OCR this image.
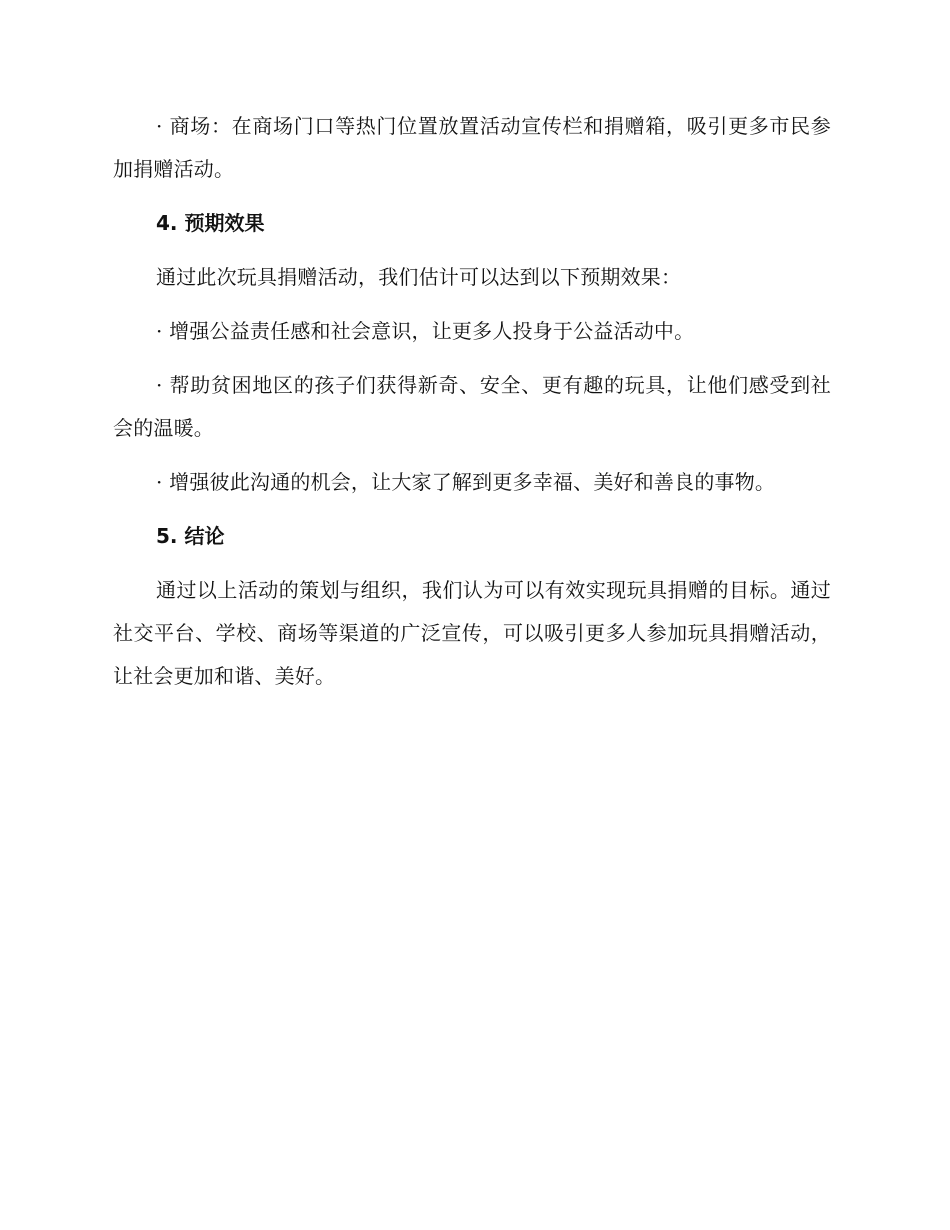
· 商场：在商场门口等热门位置放置活动宣传栏和捐赠箱，吸引更多市民参加捐赠活动。

4. 预期效果

通过此次玩具捐赠活动，我们估计可以达到以下预期效果：

· 增强公益责任感和社会意识，让更多人投身于公益活动中。

· 帮助贫困地区的孩子们获得新奇、安全、更有趣的玩具，让他们感受到社会的温暖。

· 增强彼此沟通的机会，让大家了解到更多幸福、美好和善良的事物。

5. 结论

通过以上活动的策划与组织，我们认为可以有效实现玩具捐赠的目标。通过社交平台、学校、商场等渠道的广泛宣传，可以吸引更多人参加玩具捐赠活动，让社会更加和谐、美好。
